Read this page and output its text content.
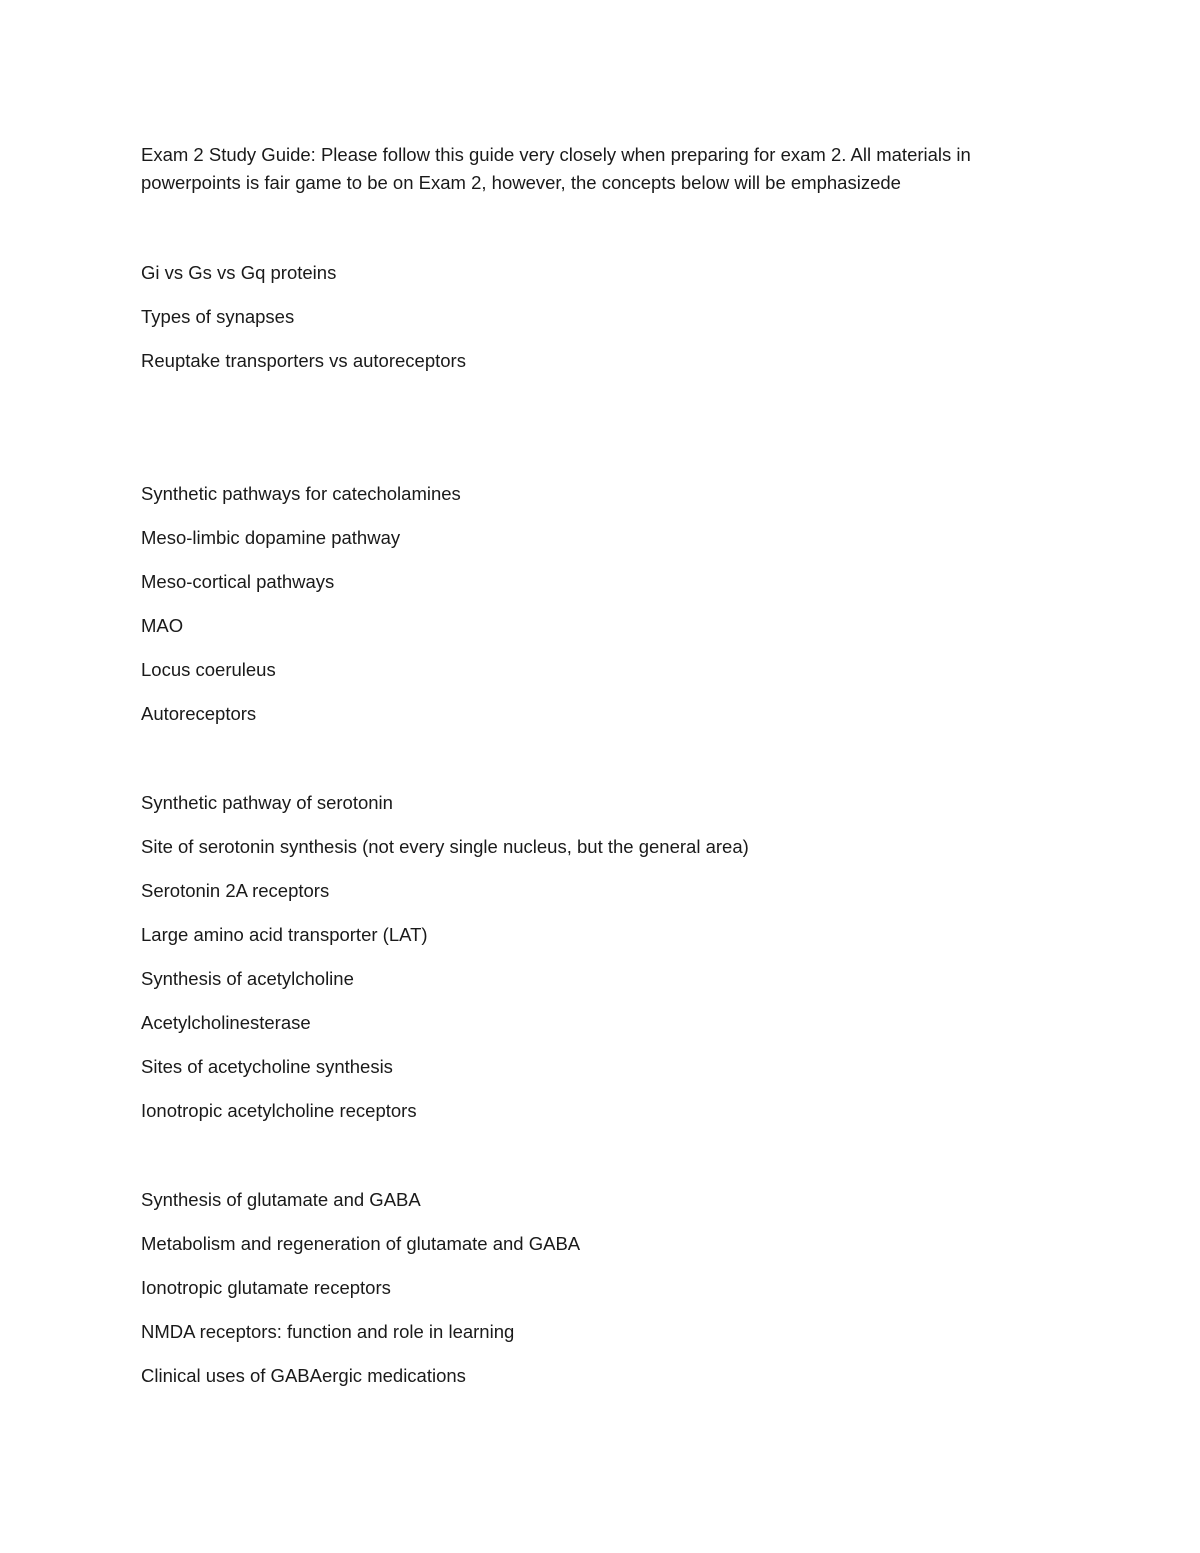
Exam 2 Study Guide: Please follow this guide very closely when preparing for exam 2. All materials in
powerpoints is fair game to be on Exam 2, however, the concepts below will be emphasizede

Gi vs Gs vs Gq proteins

Types of synapses

Reuptake transporters vs autoreceptors

Synthetic pathways for catecholamines

Meso-limbic dopamine pathway

Meso-cortical pathways

MAO

Locus coeruleus

Autoreceptors

Synthetic pathway of serotonin

Site of serotonin synthesis (not every single nucleus, but the general area)

Serotonin 2A receptors

Large amino acid transporter (LAT)

Synthesis of acetylcholine

Acetylcholinesterase

Sites of acetycholine synthesis

Ionotropic acetylcholine receptors

Synthesis of glutamate and GABA

Metabolism and regeneration of glutamate and GABA

Ionotropic glutamate receptors

NMDA receptors: function and role in learning

Clinical uses of GABAergic medications
